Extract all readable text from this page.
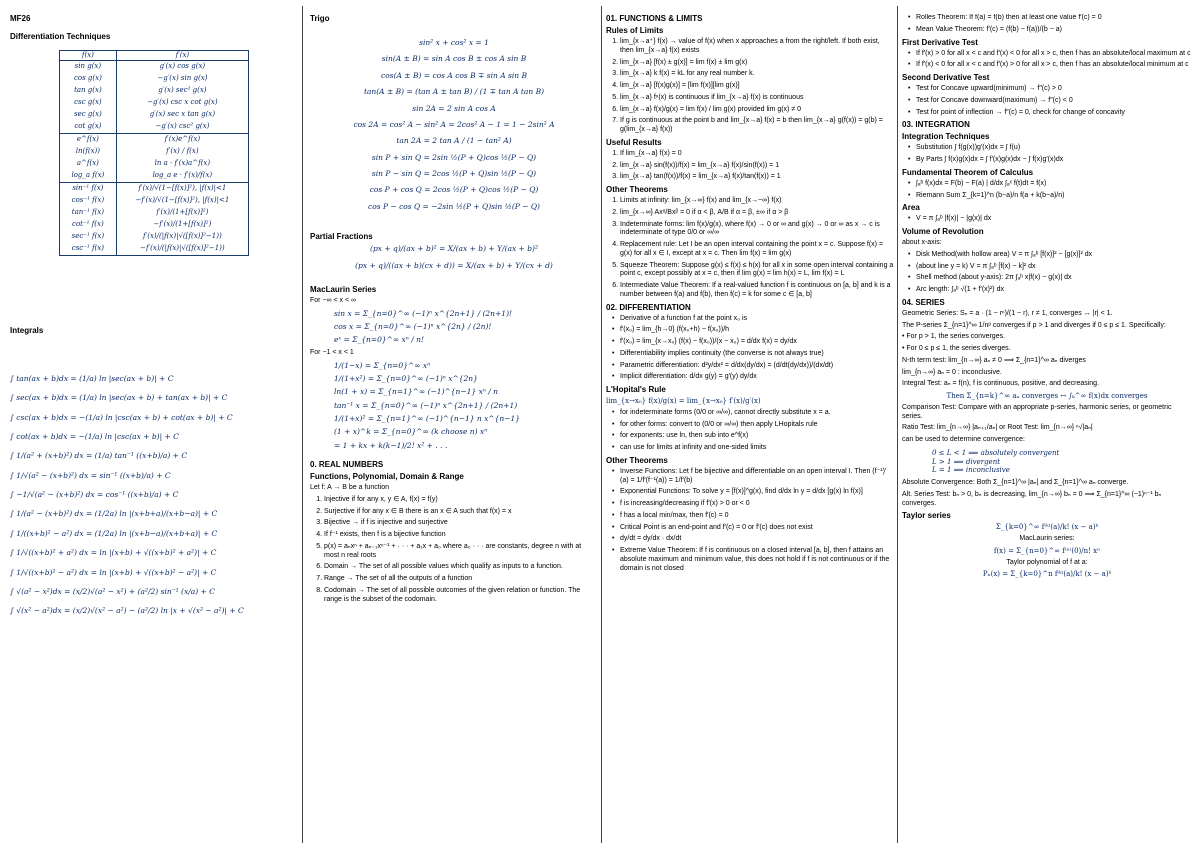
MF26
Differentiation Techniques
f(x)	f′(x)
sin g(x)	g′(x) cos g(x)
cos g(x)	−g′(x) sin g(x)
tan g(x)	g′(x) sec² g(x)
csc g(x)	−g′(x) csc x cot g(x)
sec g(x)	g′(x) sec x tan g(x)
cot g(x)	−g′(x) csc² g(x)
e^f(x)	f′(x)e^f(x)
ln(f(x))	f′(x) / f(x)
a^f(x)	ln a · f′(x)a^f(x)
log_a f(x)	log_a e · f′(x)/f(x)
sin⁻¹ f(x)	f′(x)/√(1−[f(x)]²), |f(x)|<1
cos⁻¹ f(x)	−f′(x)/√(1−[f(x)]²), |f(x)|<1
tan⁻¹ f(x)	f′(x)/(1+[f(x)]²)
cot⁻¹ f(x)	−f′(x)/(1+[f(x)]²)
sec⁻¹ f(x)	f′(x)/(|f(x)|√([f(x)]²−1))
csc⁻¹ f(x)	−f′(x)/(|f(x)|√([f(x)]²−1))
Integrals
∫ tan(ax + b)dx = (1/a) ln |sec(ax + b)| + C
∫ sec(ax + b)dx = (1/a) ln |sec(ax + b) + tan(ax + b)| + C
∫ csc(ax + b)dx = −(1/a) ln |csc(ax + b) + cot(ax + b)| + C
∫ cot(ax + b)dx = −(1/a) ln |csc(ax + b)| + C
∫ 1/(a² + (x+b)²) dx = (1/a) tan⁻¹ ((x+b)/a) + C
∫ 1/√(a² − (x+b)²) dx = sin⁻¹ ((x+b)/a) + C
∫ −1/√(a² − (x+b)²) dx = cos⁻¹ ((x+b)/a) + C
∫ 1/(a² − (x+b)²) dx = (1/2a) ln |(x+b+a)/(x+b−a)| + C
∫ 1/((x+b)² − a²) dx = (1/2a) ln |(x+b−a)/(x+b+a)| + C
∫ 1/√((x+b)² + a²) dx = ln |(x+b) + √((x+b)² + a²)| + C
∫ 1/√((x+b)² − a²) dx = ln |(x+b) + √((x+b)² − a²)| + C
∫ √(a² − x²)dx = (x/2)√(a² − x²) + (a²/2) sin⁻¹ (x/a) + C
∫ √(x² − a²)dx = (x/2)√(x² − a²) − (a²/2) ln |x + √(x² − a²)| + C
Trigo
sin² x + cos² x = 1
sin(A ± B) = sin A cos B ± cos A sin B
cos(A ± B) = cos A cos B ∓ sin A sin B
tan(A ± B) = (tan A ± tan B) / (1 ∓ tan A tan B)
sin 2A = 2 sin A cos A
cos 2A = cos² A − sin² A = 2cos² A − 1 = 1 − 2sin² A
tan 2A = 2 tan A / (1 − tan² A)
sin P + sin Q = 2sin ½(P + Q)cos ½(P − Q)
sin P − sin Q = 2cos ½(P + Q)sin ½(P − Q)
cos P + cos Q = 2cos ½(P + Q)cos ½(P − Q)
cos P − cos Q = −2sin ½(P + Q)sin ½(P − Q)
Partial Fractions
(px + q)/(ax + b)² = X/(ax + b) + Y/(ax + b)²
(px + q)/((ax + b)(cx + d)) = X/(ax + b) + Y/(cx + d)
MacLaurin Series
For −∞ < x < ∞
sin x = Σ_{n=0}^∞ (−1)ⁿ x^{2n+1} / (2n+1)!
cos x = Σ_{n=0}^∞ (−1)ⁿ x^{2n} / (2n)!
eˣ = Σ_{n=0}^∞ xⁿ / n!
For −1 < x < 1
1/(1−x) = Σ_{n=0}^∞ xⁿ
1/(1+x²) = Σ_{n=0}^∞ (−1)ⁿ x^{2n}
ln(1 + x) = Σ_{n=1}^∞ (−1)^{n−1} xⁿ / n
tan⁻¹ x = Σ_{n=0}^∞ (−1)ⁿ x^{2n+1} / (2n+1)
1/(1+x)² = Σ_{n=1}^∞ (−1)^{n−1} n x^{n−1}
(1 + x)^k = Σ_{n=0}^∞ (k choose n) xⁿ
= 1 + kx + k(k−1)/2! x² + . . .
0. REAL NUMBERS
Functions, Polynomial, Domain & Range
Let f: A → B be a function
1. Injective if for any x, y ∈ A, f(x) = f(y)
2. Surjective if for any x ∈ B there is an x ∈ A such that f(x) = x
3. Bijective → if f is injective and surjective
4. If f⁻¹ exists, then f is a bijective function
5. p(x) = aₙxⁿ + aₙ₋₁xⁿ⁻¹ + · · · + a₁x + a₀ where a₀ · · · are constants, degree n with at most n real roots
6. Domain → The set of all possible values which qualify as inputs to a function.
7. Range → The set of all the outputs of a function
8. Codomain → The set of all possible outcomes of the given relation or function. The range is the subset of the codomain.
01. FUNCTIONS & LIMITS
Rules of Limits
1. lim_{x→a⁺} f(x) → value of f(x) when x approaches a from the right/left. If both exist, then lim_{x→a} f(x) exists
2. lim_{x→a} [f(x) ± g(x)] = lim f(x) ± lim g(x)
3. lim_{x→a} k f(x) = kL for any real number k.
4. lim_{x→a} [f(x)g(x)] = [lim f(x)][lim g(x)]
5. lim_{x→a} fⁿ(x) is continuous if lim_{x→a} f(x) is continuous
6. lim_{x→a} f(x)/g(x) = lim f(x) / lim g(x) provided lim g(x) ≠ 0
7. If g is continuous at the point b and lim_{x→a} f(x) = b then lim_{x→a} g(f(x)) = g(b) = g(lim_{x→a} f(x))
Useful Results
1. If lim_{x→a} f(x) = 0
2. lim_{x→a} sin(f(x))/f(x) = lim_{x→a} f(x)/sin(f(x)) = 1
3. lim_{x→a} tan(f(x))/f(x) = lim_{x→a} f(x)/tan(f(x)) = 1
Other Theorems
1. Limits at infinity: lim_{x→∞} f(x) and lim_{x→−∞} f(x)
2. lim_{x→∞} Axᵅ/Bxᵝ = 0 if α < β, A/B if α = β, ±∞ if α > β
3. Indeterminate forms: lim f(x)/g(x), where f(x) → 0 or ∞ and g(x) → 0 or ∞ as x → c is indeterminate of type 0/0 or ∞/∞
4. Replacement rule: Let I be an open interval containing the point x = c. Suppose f(x) = g(x) for all x ∈ I, except at x = c. Then lim f(x) = lim g(x)
5. Squeeze Theorem: Suppose g(x) ≤ f(x) ≤ h(x) for all x in some open interval containing a point c, except possibly at x = c, then if lim g(x) = lim h(x) = L, lim f(x) = L
6. Intermediate Value Theorem: If a real-valued function f is continuous on [a, b] and k is a number between f(a) and f(b), then f(c) = k for some c ∈ [a, b]
02. DIFFERENTIATION
• Derivative of a function f at the point x₀ is
• f′(x₀) = lim_{h→0} (f(x₀+h) − f(x₀))/h
• f′(x₀) = lim_{x→x₀} (f(x) − f(x₀))/(x − x₀) = d/dx f(x) = dy/dx
• Differentiability implies continuity (the converse is not always true)
• Parametric differentiation: d²y/dx² = d/dx(dy/dx) = (d/dt(dy/dx))/(dx/dt)
• Implicit differentiation: d/dx g(y) = g′(y) dy/dx
L'Hopital's Rule
lim_{x→x₀} f(x)/g(x) = lim_{x→x₀} f′(x)/g′(x)
• for indeterminate forms (0/0 or ∞/∞), cannot directly substitute x = a.
• for other forms: convert to (0/0 or ∞/∞) then apply LHopitals rule
• for exponents: use ln, then sub into e^f(x)
• can use for limits at infinity and one-sided limits
Other Theorems
• Inverse Functions: Let f be bijective and differentiable on an open interval I. Then (f⁻¹)′(a) = 1/f′(f⁻¹(a)) = 1/f′(b)
• Exponential Functions: To solve y = [f(x)]^g(x), find d/dx ln y = d/dx [g(x) ln f(x)]
• f is increasing/decreasing if f′(x) > 0 or < 0
• f has a local min/max, then f′(c) = 0
• Critical Point is an end-point and f′(c) = 0 or f′(c) does not exist
• dy/dt = dy/dx · dx/dt
• Extreme Value Theorem: If f is continuous on a closed interval [a, b], then f attains an absolute maximum and minimum value, this does not hold if f is not continuous or if the domain is not closed
• Rolles Theorem: If f(a) = f(b) then at least one value f′(c) = 0
• Mean Value Theorem: f′(c) = (f(b) − f(a))/(b − a)
First Derivative Test
• If f′(x) > 0 for all x < c and f′(x) < 0 for all x > c, then f has an absolute/local maximum at c
• If f′(x) < 0 for all x < c and f′(x) > 0 for all x > c, then f has an absolute/local minimum at c
Second Derivative Test
• Test for Concave upward(minimum) → f″(c) > 0
• Test for Concave downward(maximum) → f″(c) < 0
• Test for point of inflection → f″(c) = 0, check for change of concavity
03. INTEGRATION
Integration Techniques
• Substitution ∫ f(g(x))g′(x)dx = ∫ f(u)
• By Parts ∫ f(x)g(x)dx = ∫ f′(x)g(x)dx − ∫ f(x)g′(x)dx
Fundamental Theorem of Calculus
• ∫ₐᵇ f(x)dx = F(b) − F(a) | d/dx ∫ₐˣ f(t)dt = f(x)
• Riemann Sum Σ_{k=1}^n (b−a)/n f(a + k(b−a)/n)
Area
• V = π ∫ₐᵇ |f(x)| − |g(x)| dx
Volume of Revolution
about x-axis:
• Disk Method(with hollow area) V = π ∫ₐᵇ [f(x)]² − [g(x)]² dx
• (about line y = k) V = π ∫ₐᵇ [f(x) − k]² dx
• Shell method (about y-axis): 2π ∫ₐᵇ x|f(x) − g(x)| dx
• Arc length: ∫ₐᵇ √(1 + f′(x)²) dx
04. SERIES
Geometric Series: Sₙ = a · (1 − rⁿ)/(1 − r), r ≠ 1, converges ↔ |r| < 1.
The P-series Σ_{n=1}^∞ 1/nᵖ converges if p > 1 and diverges if 0 ≤ p ≤ 1. Specifically:
• For p > 1, the series converges.
• For 0 ≤ p ≤ 1, the series diverges.
N-th term test: lim_{n→∞} aₙ ≠ 0 ⟹ Σ_{n=1}^∞ aₙ diverges
lim_{n→∞} aₙ = 0 : inconclusive.
Integral Test: aₙ = f(n), f is continuous, positive, and decreasing.
Then Σ_{n=k}^∞ aₙ converges ↔ ∫ₖ^∞ f(x)dx converges
Comparison Test: Compare with an appropriate p-series, harmonic series, or geometric series.
Ratio Test: lim_{n→∞} |aₙ₊₁/aₙ| or Root Test: lim_{n→∞} ⁿ√|aₙ|
can be used to determine convergence:
0 ≤ L < 1 ⟹ absolutely convergent
L > 1 ⟹ divergent
L = 1 ⟹ inconclusive
Absolute Convergence: Both Σ_{n=1}^∞ |aₙ| and Σ_{n=1}^∞ aₙ converge.
Alt. Series Test: bₙ > 0, bₙ is decreasing, lim_{n→∞} bₙ = 0 ⟹ Σ_{n=1}^∞ (−1)ⁿ⁻¹ bₙ converges.
Taylor series
Σ_{k=0}^∞ f⁽ᵏ⁾(a)/k! (x − a)ᵏ
MacLaurin series:
f(x) = Σ_{n=0}^∞ f⁽ⁿ⁾(0)/n! xⁿ
Taylor polynomial of f at a:
Pₙ(x) = Σ_{k=0}^n f⁽ᵏ⁾(a)/k! (x − a)ᵏ
